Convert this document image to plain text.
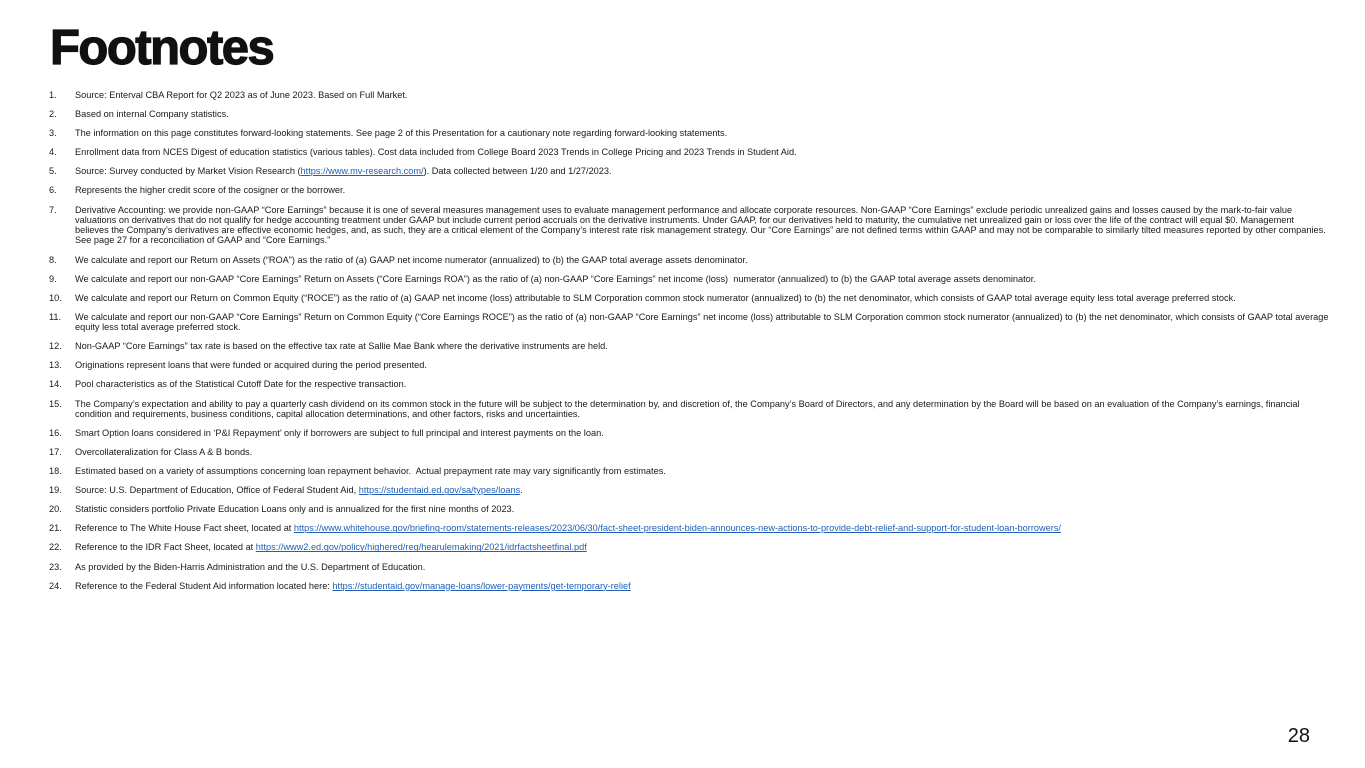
Footnotes
1.	Source: Enterval CBA Report for Q2 2023 as of June 2023. Based on Full Market.
2.	Based on internal Company statistics.
3.	The information on this page constitutes forward-looking statements. See page 2 of this Presentation for a cautionary note regarding forward-looking statements.
4.	Enrollment data from NCES Digest of education statistics (various tables). Cost data included from College Board 2023 Trends in College Pricing and 2023 Trends in Student Aid.
5.	Source: Survey conducted by Market Vision Research (https://www.mv-research.com/). Data collected between 1/20 and 1/27/2023.
6.	Represents the higher credit score of the cosigner or the borrower.
7.	Derivative Accounting: we provide non-GAAP “Core Earnings” because it is one of several measures management uses to evaluate management performance and allocate corporate resources. Non-GAAP “Core Earnings” exclude periodic unrealized gains and losses caused by the mark-to-fair value valuations on derivatives that do not qualify for hedge accounting treatment under GAAP but include current period accruals on the derivative instruments. Under GAAP, for our derivatives held to maturity, the cumulative net unrealized gain or loss over the life of the contract will equal $0. Management believes the Company’s derivatives are effective economic hedges, and, as such, they are a critical element of the Company’s interest rate risk management strategy. Our “Core Earnings” are not defined terms within GAAP and may not be comparable to similarly tilted measures reported by other companies. See page 27 for a reconciliation of GAAP and “Core Earnings.”
8.	We calculate and report our Return on Assets (“ROA”) as the ratio of (a) GAAP net income numerator (annualized) to (b) the GAAP total average assets denominator.
9.	We calculate and report our non-GAAP “Core Earnings” Return on Assets (“Core Earnings ROA”) as the ratio of (a) non-GAAP “Core Earnings” net income (loss)  numerator (annualized) to (b) the GAAP total average assets denominator.
10.	We calculate and report our Return on Common Equity (“ROCE”) as the ratio of (a) GAAP net income (loss) attributable to SLM Corporation common stock numerator (annualized) to (b) the net denominator, which consists of GAAP total average equity less total average preferred stock.
11.	We calculate and report our non-GAAP “Core Earnings” Return on Common Equity (“Core Earnings ROCE”) as the ratio of (a) non-GAAP “Core Earnings” net income (loss) attributable to SLM Corporation common stock numerator (annualized) to (b) the net denominator, which consists of GAAP total average equity less total average preferred stock.
12.	Non-GAAP “Core Earnings” tax rate is based on the effective tax rate at Sallie Mae Bank where the derivative instruments are held.
13.	Originations represent loans that were funded or acquired during the period presented.
14.	Pool characteristics as of the Statistical Cutoff Date for the respective transaction.
15.	The Company’s expectation and ability to pay a quarterly cash dividend on its common stock in the future will be subject to the determination by, and discretion of, the Company’s Board of Directors, and any determination by the Board will be based on an evaluation of the Company’s earnings, financial condition and requirements, business conditions, capital allocation determinations, and other factors, risks and uncertainties.
16.	Smart Option loans considered in ‘P&I Repayment’ only if borrowers are subject to full principal and interest payments on the loan.
17.	Overcollateralization for Class A & B bonds.
18.	Estimated based on a variety of assumptions concerning loan repayment behavior.  Actual prepayment rate may vary significantly from estimates.
19.	Source: U.S. Department of Education, Office of Federal Student Aid, https://studentaid.ed.gov/sa/types/loans.
20.	Statistic considers portfolio Private Education Loans only and is annualized for the first nine months of 2023.
21.	Reference to The White House Fact sheet, located at https://www.whitehouse.gov/briefing-room/statements-releases/2023/06/30/fact-sheet-president-biden-announces-new-actions-to-provide-debt-relief-and-support-for-student-loan-borrowers/
22.	Reference to the IDR Fact Sheet, located at https://www2.ed.gov/policy/highered/reg/hearulemaking/2021/idrfactsheetfinal.pdf
23.	As provided by the Biden-Harris Administration and the U.S. Department of Education.
24.	Reference to the Federal Student Aid information located here: https://studentaid.gov/manage-loans/lower-payments/get-temporary-relief
28
